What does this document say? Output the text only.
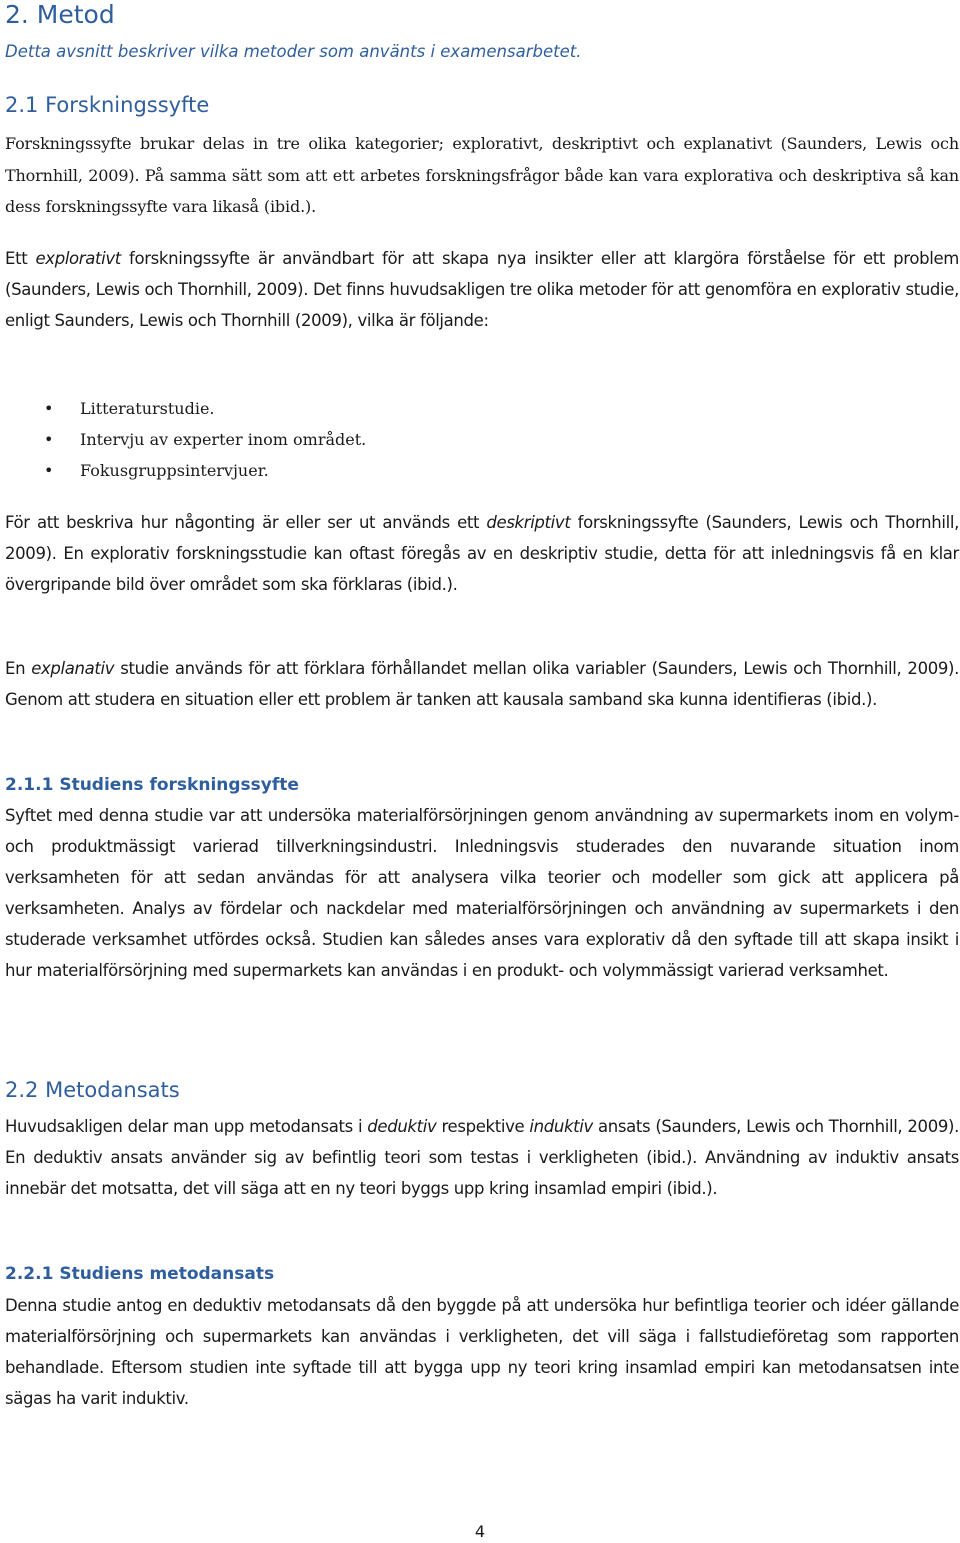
2. Metod
Detta avsnitt beskriver vilka metoder som använts i examensarbetet.
2.1 Forskningssyfte

Forskningssyfte brukar delas in tre olika kategorier; explorativt, deskriptivt och explanativt (Saunders, Lewis och Thornhill, 2009). På samma sätt som att ett arbetes forskningsfrågor både kan vara explorativa och deskriptiva så kan dess forskningssyfte vara likaså (ibid.).

Ett explorativt forskningssyfte är användbart för att skapa nya insikter eller att klargöra förståelse för ett problem (Saunders, Lewis och Thornhill, 2009). Det finns huvudsakligen tre olika metoder för att genomföra en explorativ studie, enligt Saunders, Lewis och Thornhill (2009), vilka är följande:

• Litteraturstudie.
• Intervju av experter inom området.
• Fokusgruppsintervjuer.

För att beskriva hur någonting är eller ser ut används ett deskriptivt forskningssyfte (Saunders, Lewis och Thornhill, 2009). En explorativ forskningsstudie kan oftast föregås av en deskriptiv studie, detta för att inledningsvis få en klar övergripande bild över området som ska förklaras (ibid.).

En explanativ studie används för att förklara förhållandet mellan olika variabler (Saunders, Lewis och Thornhill, 2009). Genom att studera en situation eller ett problem är tanken att kausala samband ska kunna identifieras (ibid.).

2.1.1 Studiens forskningssyfte

Syftet med denna studie var att undersöka materialförsörjningen genom användning av supermarkets inom en volym- och produktmässigt varierad tillverkningsindustri. Inledningsvis studerades den nuvarande situation inom verksamheten för att sedan användas för att analysera vilka teorier och modeller som gick att applicera på verksamheten. Analys av fördelar och nackdelar med materialförsörjningen och användning av supermarkets i den studerade verksamhet utfördes också. Studien kan således anses vara explorativ då den syftade till att skapa insikt i hur materialförsörjning med supermarkets kan användas i en produkt- och volymmässigt varierad verksamhet.

2.2 Metodansats

Huvudsakligen delar man upp metodansats i deduktiv respektive induktiv ansats (Saunders, Lewis och Thornhill, 2009). En deduktiv ansats använder sig av befintlig teori som testas i verkligheten (ibid.). Användning av induktiv ansats innebär det motsatta, det vill säga att en ny teori byggs upp kring insamlad empiri (ibid.).

2.2.1 Studiens metodansats

Denna studie antog en deduktiv metodansats då den byggde på att undersöka hur befintliga teorier och idéer gällande materialförsörjning och supermarkets kan användas i verkligheten, det vill säga i fallstudieföretag som rapporten behandlade. Eftersom studien inte syftade till att bygga upp ny teori kring insamlad empiri kan metodansatsen inte sägas ha varit induktiv.

4
